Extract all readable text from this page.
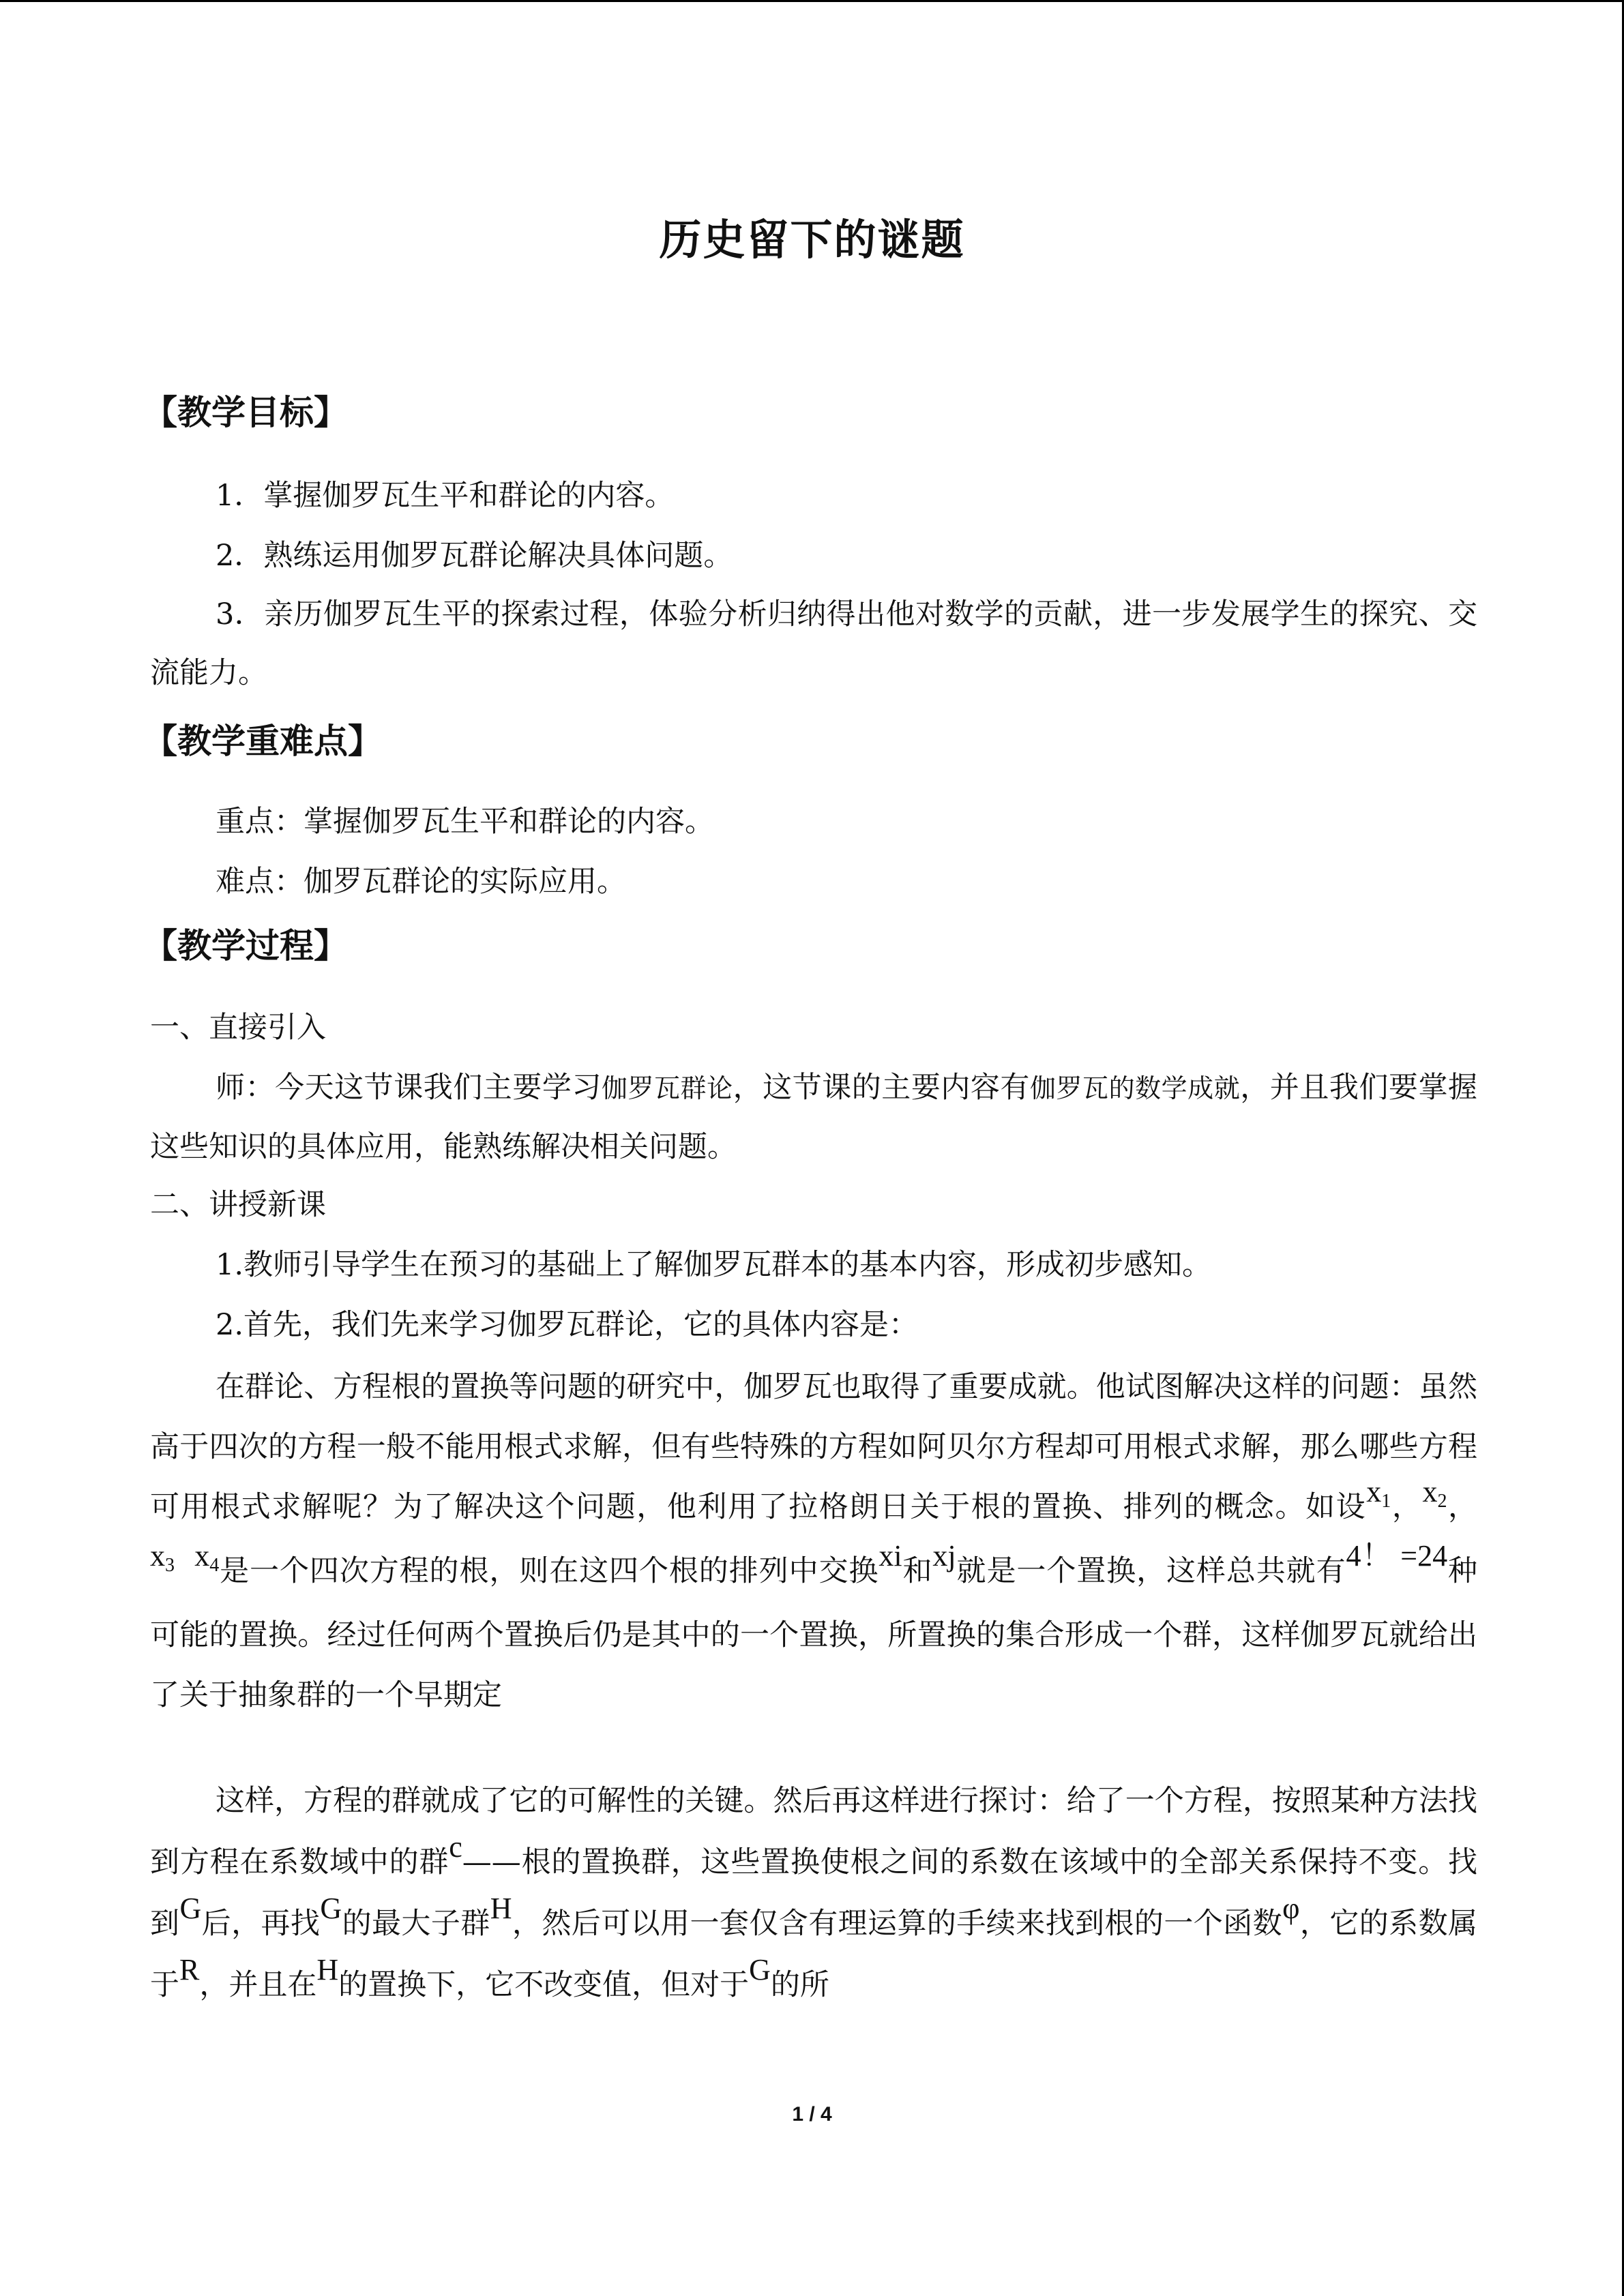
历史留下的谜题
【教学目标】

1．掌握伽罗瓦生平和群论的内容。

2．熟练运用伽罗瓦群论解决具体问题。

3．亲历伽罗瓦生平的探索过程，体验分析归纳得出他对数学的贡献，进一步发展学生的探究、交流能力。

【教学重难点】

重点：掌握伽罗瓦生平和群论的内容。

难点：伽罗瓦群论的实际应用。

【教学过程】

一、直接引入

师：今天这节课我们主要学习伽罗瓦群论，这节课的主要内容有伽罗瓦的数学成就，并且我们要掌握这些知识的具体应用，能熟练解决相关问题。

二、讲授新课

1.教师引导学生在预习的基础上了解伽罗瓦群本的基本内容，形成初步感知。

2.首先，我们先来学习伽罗瓦群论，它的具体内容是：

在群论、方程根的置换等问题的研究中，伽罗瓦也取得了重要成就。他试图解决这样的问题：虽然高于四次的方程一般不能用根式求解，但有些特殊的方程如阿贝尔方程却可用根式求解，那么哪些方程可用根式求解呢？为了解决这个问题，他利用了拉格朗日关于根的置换、排列的概念。如设x1，x2，x3 x4是一个四次方程的根，则在这四个根的排列中交换xi和xj就是一个置换，这样总共就有4！ =24种可能的置换。经过任何两个置换后仍是其中的一个置换，所置换的集合形成一个群，这样伽罗瓦就给出了关于抽象群的一个早期定

这样，方程的群就成了它的可解性的关键。然后再这样进行探讨：给了一个方程，按照某种方法找到方程在系数域中的群c——根的置换群，这些置换使根之间的系数在该域中的全部关系保持不变。找到G后，再找G的最大子群H，然后可以用一套仅含有理运算的手续来找到根的一个函数φ，它的系数属于R，并且在H的置换下，它不改变值，但对于G的所

1 / 4
